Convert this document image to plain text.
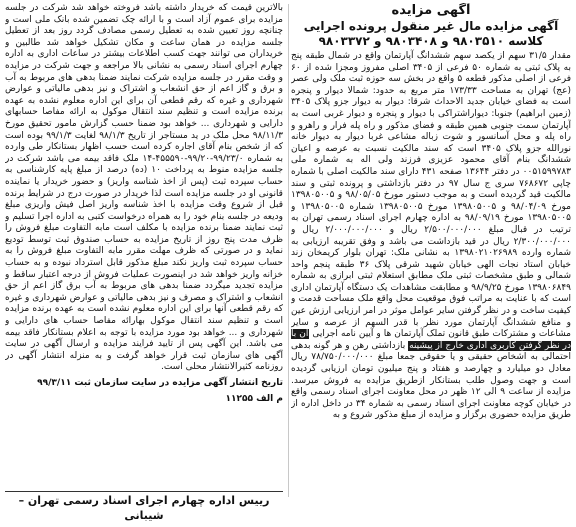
آگهی مزایده
آگهی مزایده مال غیر منقول پرونده اجرایی
کلاسه ۹۸۰۳۵۱۰ و ۹۸۰۳۴۰۸ و ۹۸۰۳۳۷۲

مقدار ۳۱/۵ سهم از یکصد سهم ششدانگ آپارتمان واقع در شمال طبقه پنج به پلاک ثبتی به شماره ۵۰ فرعی از ۳۴۰۵ اصلی مفروز ومجزا شده از ۶۰ فرعی از اصلی مذکور قطعه ۵ واقع در بخش سه حوزه ثبت ملک ولی عصر (عج) تهران به مساحت ۱۷۳/۳۳ متر مربع به حدود: شمالا دیوار و پنجره است به فضای خیابان جدید الاحداث شرقا: دیوار به دیوار جزو پلاک ۳۴۰۵ (زمین ابراهیم) جنوبا: دیواراشتراکی با دیوار و پنجره و دیوار غربی است به آپارتمان سمت جنوبی همین طبقه و فضای مذکور و راه پله فرار و راهرو و راه پله و محل آسانسور و شوت زباله مشاعی غربا دیوار به دیوار خانه نورالله جزو پلاک ۳۴۰۵ است که سند مالکیت نسبت به عرصه و اعیان ششدانگ بنام آقای محمود عزیزی فرزند ولی اله به شماره ملی ۰۰۵۱۵۹۹۷۸۳ در دفتر ۱۳۶۴۴ صفحه ۴۳۱ دارای سند مالکیت اصلی با شماره چاپی ۷۶۸۶۷۲ سری ج سال ۹۷ در دفتر بازداشتی و پرونده ثبتی و سند مالکیت قید گردیده است و به موجب دستور مورخ ۹۸/۰۵/۰۵ و ۱۳۹۸۰۵۰۰۵ مورخ ۹۸/۰۴/۰۹ و ۱۳۹۸۰۵۰۰۵ مورخ ۱۳۹۸۰۵۰۰۵ شماره ۱۳۹۸۰۵۰۰۵ و ۱۳۹۸۰۵۰۰۵ مورخ ۹۸/۰۹/۱۹ به اداره چهارم اجرای اسناد رسمی تهران به ترتیب در قبال مبلغ ۲/۵۰۰/۰۰۰/۰۰۰ ریال و ۲/۰۰۰/۰۰۰/۰۰۰ ریال و ۲/۳۰۰/۰۰۰/۰۰۰ ریال در قید بازداشت می باشد و وفق تقریبه ارزیابی به شماره وارده ۱۳۹۸۰۲۱۰۲۶۹۸۹ به نشانی ملک: تهران بلوار کریمخان زند خیابان استاد نجات الهی خیابان شهید شرقی پلاک ۳۶ طبقه پنجم واحد شمالی و طبق مشخصات ثبتی ملک مطابق استعلام ثبتی ابرازی به شماره ۱۳۹۸۰۶۸۴۹ مورخ ۹۸/۹/۲۵ و مطابقت مشاهدات یک دستگاه آپارتمان اداری است که با عنایت به مراتب فوق موقعیت محل واقع ملک مساحت قدمت و کیفیت ساخت و در نظر گرفتن سایر عوامل موثر در امر ارزیابی ارزش عین و منافع ششدانگ آپارتمان مورد نظر با قدر السهم از عرصه و سایر مشاعات و مشترکات طبق قانون تملک آپارتمان ها و آیین نامه اجرایی آن با در نظر گرفتن کاربری اداری خارج از پیشینه بازداشتی رهن و هر گونه بدهی احتمالی به اشخاص حقیقی و یا حقوقی جمعا مبلغ ۷۸/۷۵۰/۰۰۰/۰۰۰ ریال معادل دو میلیارد و چهارصد و هفتاد و پنج میلیون تومان ارزیابی گردیده است و جهت وصول طلب بستانکار ازطریق مزایده به فروش میرسد. مزایده از ساعت ۹ الی ۱۲ ظهر در محل معاونت اجرای اسناد رسمی واقع در خیابان کوچه معاونت اجرای اسناد رسمی به شماره ۳۴ در داخل اداره از طریق مزایده حضوری برگزار و مزایده از مبلغ مذکور شروع و به

بالاترین قیمت که خریدار داشته باشد فروخته خواهد شد شرکت در جلسه مزایده برای عموم آزاد است و با ارائه چک تضمین شده بانک ملی است و چنانچه روز تعیین شده به تعطیل رسمی مصادف گردد روز بعد از تعطیل جلسه مزایده در همان ساعت و مکان تشکیل خواهد شد طالبین و خریداران می توانند جهت کسب اطلاعات بیشتر در ساعات اداری به اداره چهارم اجرای اسناد رسمی به نشانی بالا مراجعه و جهت شرکت در مزایده و وقت مقرر در جلسه مزایده شرکت نمایند ضمنا بدهی های مربوط به آب و برق و گاز اعم از حق انشعاب و اشتراک و نیز بدهی مالیاتی و عوارض شهرداری و غیره که رقم قطعی آن برای این اداره معلوم نشده به عهده برنده مزایده است و تنظیم سند انتقال موکول به ارائه مفاصا حسابهای دارایی و شهرداری ... خواهد بود ضمنا حسب گزارش مامور تحقیق مورخ ۹۸/۱۱/۳ محل ملک در ید مستاجر از تاریخ ۹۸/۱/۳ لغایت ۹۹/۱/۳ بوده است که از شخص بنام آقای اجاره کرده است حسب اظهار بستانکار طی وارده به شماره ۹۹/۲۳/۰-۹۹/۲۰-۴۵۵۵۹۰-۱۴ ملک فاقد بیمه می باشد شرکت در جلسه مزایده منوط به پرداخت ۱۰ (ده) درصد از مبلغ پایه کارشناسی به حساب سپرده ثبت (پس از اخذ شناسه واریز) و حضور خریدار یا نماینده قانونی او در جلسه مزایده است لذا خریدار در صورت درج در شرایط برنده قبل از شروع وقت مزایده با اخذ شناسه واریز اصل فیش واریزی مبلغ ودیعه در جلسه بنام خود را به همراه درخواست کتبی به اداره اجرا تسلیم و ثبت نمایند ضمنا برنده مزایده با مکلف است مابه التفاوت مبلغ فروش را ظرف مدت پنج روز از تاریخ مزایده به حساب صندوق ثبت توسط تودیع نماید و در صورتی که ظرف مهلت مقرر مابه التفاوت مبلغ فروش را به حساب سپرده ثبت واریز نکند مبلغ مذکور قابل استرداد نبوده و به حساب خزانه واریز خواهد شد در اینصورت عملیات فروش از درجه اعتبار ساقط و مزایده تجدید میگردد ضمنا بدهی های مربوط به آب برق گاز اعم از حق انشعاب و اشتراک و مصرف و نیز بدهی مالیاتی و عوارض شهرداری و غیره که رقم قطعی آنها برای این اداره معلوم نشده است به عهده برنده مزایده است و تنظیم سند انتقال موکول بهارائه مفاصا حساب های دارایی و شهرداری و ... خواهد بود مورد مزایده با توجه به اعلام بستانکار فاقد بیمه می باشد. این آگهی پس از تایید فرایند مزایده و ارسال آگهی در سایت آگهی های سازمان ثبت قرار خواهد گرفت و به منزله انتشار آگهی در روزنامه کثیرالانتشار محلی است.

تاریخ انتشار آگهی مزایده در سایت سازمان ثبت ۹۹/۳/۱۱

م الف ۱۱۲۵۵

رییس اداره چهارم اجرای اسناد رسمی تهران – شیبانی
